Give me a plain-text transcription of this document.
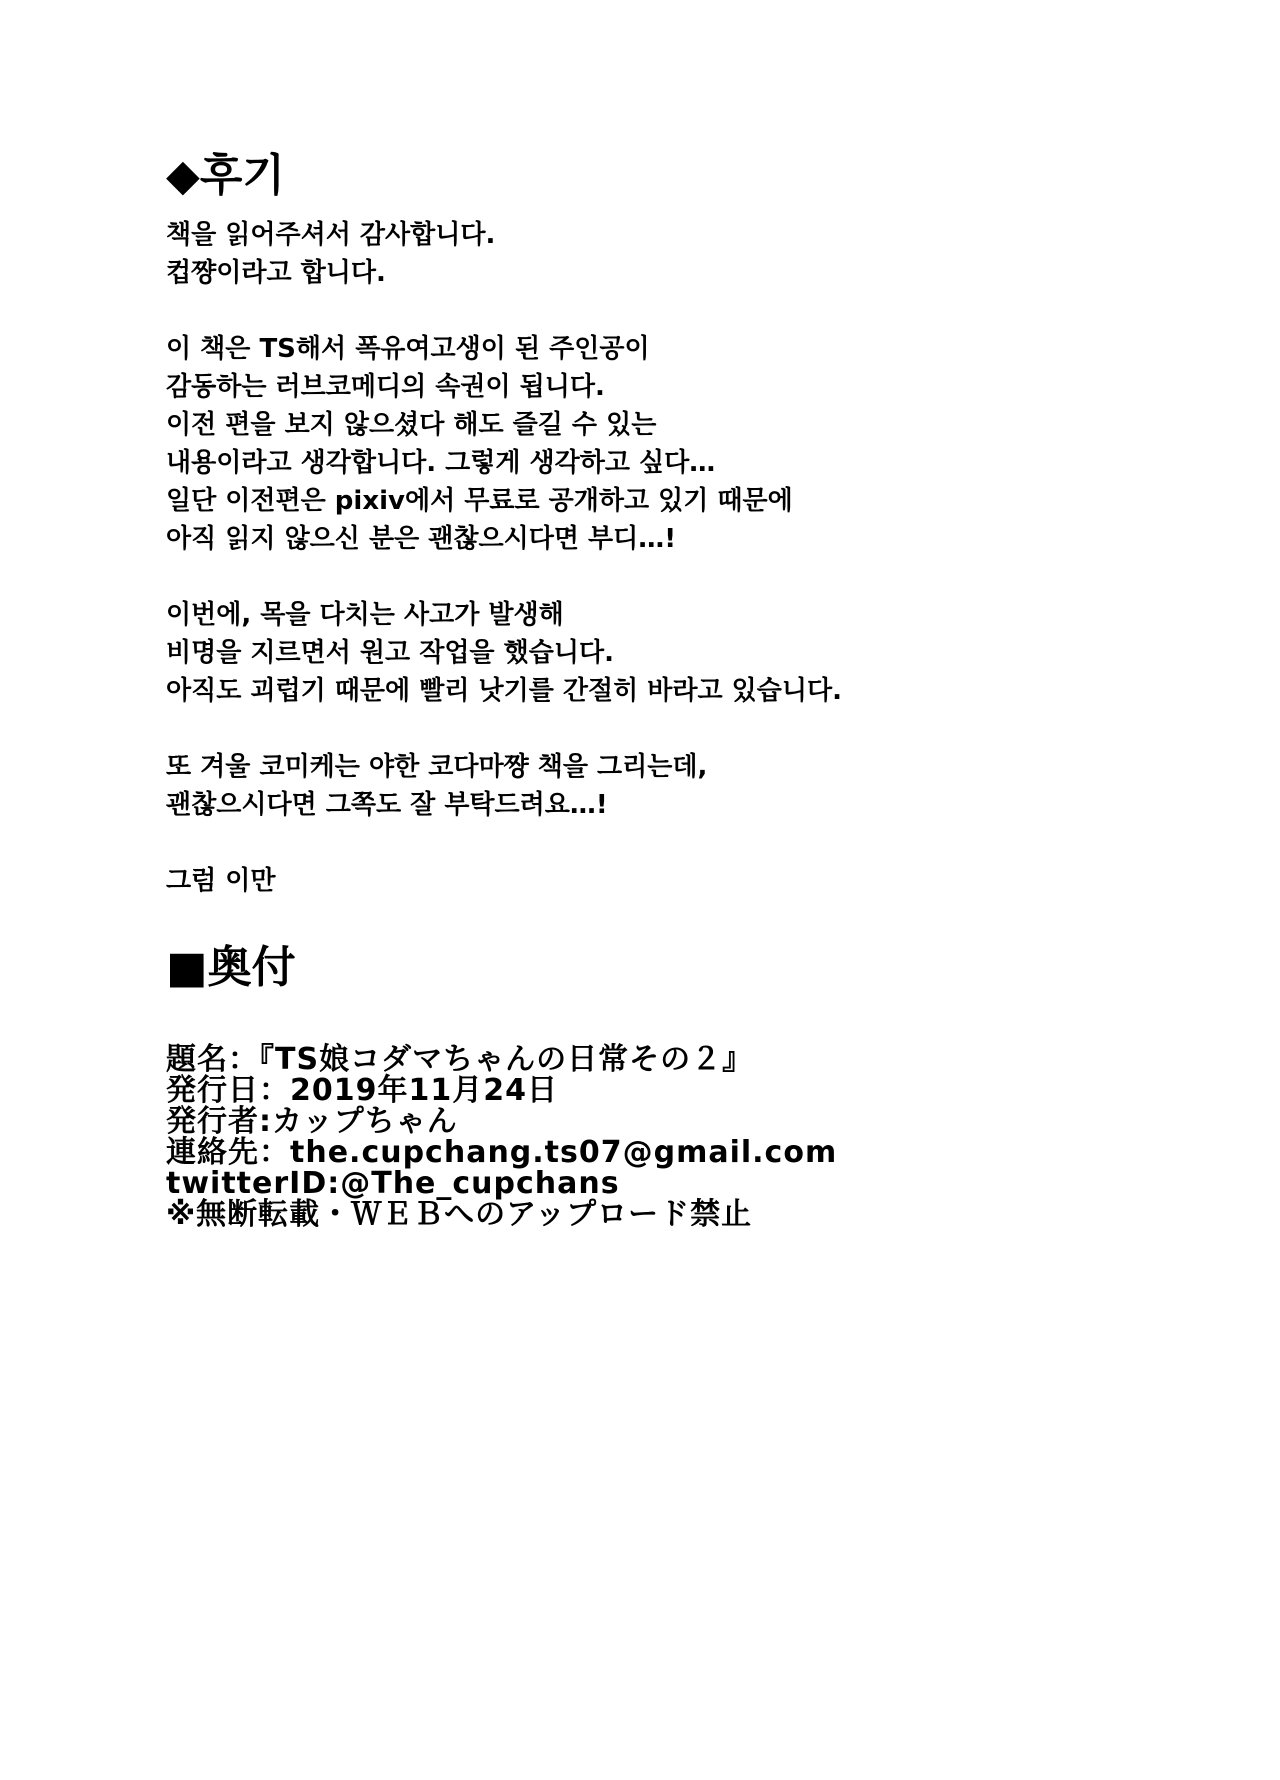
◆후기
책을 읽어주셔서 감사합니다.
컵쨩이라고 합니다.
이 책은 TS해서 폭유여고생이 된 주인공이
감동하는 러브코메디의 속권이 됩니다.
이전 편을 보지 않으셨다 해도 즐길 수 있는
내용이라고 생각합니다. 그렇게 생각하고 싶다…
일단 이전편은 pixiv에서 무료로 공개하고 있기 때문에
아직 읽지 않으신 분은 괜찮으시다면 부디…!
이번에, 목을 다치는 사고가 발생해
비명을 지르면서 원고 작업을 했습니다.
아직도 괴럽기 때문에 빨리 낫기를 간절히 바라고 있습니다.
또 겨울 코미케는 야한 코다마쨩 책을 그리는데,
괜찮으시다면 그쪽도 잘 부탁드려요…!
그럼 이만
■奥付
題名：『TS娘コダマちゃんの日常その２』
発行日：2019年11月24日
発行者:カップちゃん
連絡先：the.cupchang.ts07@gmail.com
twitterID:@The_cupchans
※無断転載・ＷＥＢへのアップロード禁止
